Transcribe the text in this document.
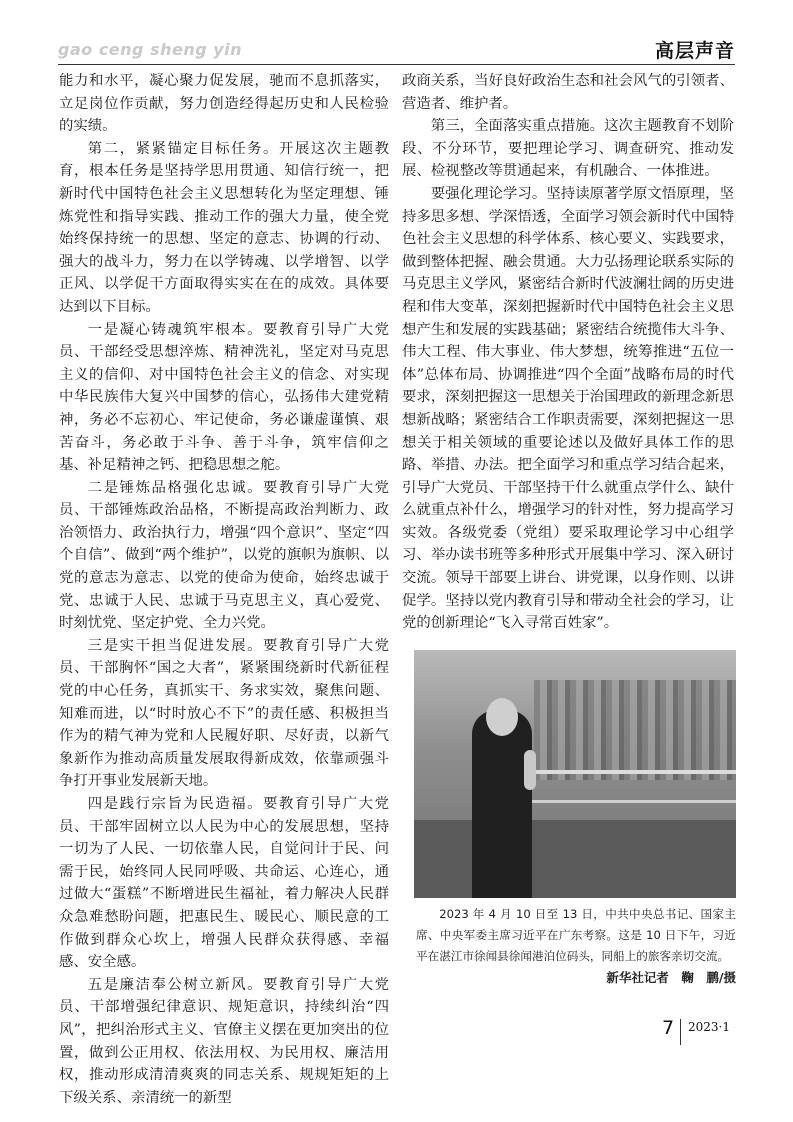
gao ceng sheng yin	高层声音

能力和水平，凝心聚力促发展，驰而不息抓落实，立足岗位作贡献，努力创造经得起历史和人民检验的实绩。

第二，紧紧锚定目标任务。开展这次主题教育，根本任务是坚持学思用贯通、知信行统一，把新时代中国特色社会主义思想转化为坚定理想、锤炼党性和指导实践、推动工作的强大力量，使全党始终保持统一的思想、坚定的意志、协调的行动、强大的战斗力，努力在以学铸魂、以学增智、以学正风、以学促干方面取得实实在在的成效。具体要达到以下目标。

一是凝心铸魂筑牢根本。要教育引导广大党员、干部经受思想淬炼、精神洗礼，坚定对马克思主义的信仰、对中国特色社会主义的信念、对实现中华民族伟大复兴中国梦的信心，弘扬伟大建党精神，务必不忘初心、牢记使命，务必谦虚谨慎、艰苦奋斗，务必敢于斗争、善于斗争，筑牢信仰之基、补足精神之钙、把稳思想之舵。

二是锤炼品格强化忠诚。要教育引导广大党员、干部锤炼政治品格，不断提高政治判断力、政治领悟力、政治执行力，增强“四个意识”、坚定“四个自信”、做到“两个维护”，以党的旗帜为旗帜、以党的意志为意志、以党的使命为使命，始终忠诚于党、忠诚于人民、忠诚于马克思主义，真心爱党、时刻忧党、坚定护党、全力兴党。

三是实干担当促进发展。要教育引导广大党员、干部胸怀“国之大者”，紧紧围绕新时代新征程党的中心任务，真抓实干、务求实效，聚焦问题、知难而进，以“时时放心不下”的责任感、积极担当作为的精气神为党和人民履好职、尽好责，以新气象新作为推动高质量发展取得新成效，依靠顽强斗争打开事业发展新天地。

四是践行宗旨为民造福。要教育引导广大党员、干部牢固树立以人民为中心的发展思想，坚持一切为了人民、一切依靠人民，自觉问计于民、问需于民，始终同人民同呼吸、共命运、心连心，通过做大“蛋糕”不断增进民生福祉，着力解决人民群众急难愁盼问题，把惠民生、暖民心、顺民意的工作做到群众心坎上，增强人民群众获得感、幸福感、安全感。

五是廉洁奉公树立新风。要教育引导广大党员、干部增强纪律意识、规矩意识，持续纠治“四风”，把纠治形式主义、官僚主义摆在更加突出的位置，做到公正用权、依法用权、为民用权、廉洁用权，推动形成清清爽爽的同志关系、规规矩矩的上下级关系、亲清统一的新型

政商关系，当好良好政治生态和社会风气的引领者、营造者、维护者。

第三，全面落实重点措施。这次主题教育不划阶段、不分环节，要把理论学习、调查研究、推动发展、检视整改等贯通起来，有机融合、一体推进。

要强化理论学习。坚持读原著学原文悟原理，坚持多思多想、学深悟透，全面学习领会新时代中国特色社会主义思想的科学体系、核心要义、实践要求，做到整体把握、融会贯通。大力弘扬理论联系实际的马克思主义学风，紧密结合新时代波澜壮阔的历史进程和伟大变革，深刻把握新时代中国特色社会主义思想产生和发展的实践基础；紧密结合统揽伟大斗争、伟大工程、伟大事业、伟大梦想，统筹推进“五位一体”总体布局、协调推进“四个全面”战略布局的时代要求，深刻把握这一思想关于治国理政的新理念新思想新战略；紧密结合工作职责需要，深刻把握这一思想关于相关领域的重要论述以及做好具体工作的思路、举措、办法。把全面学习和重点学习结合起来，引导广大党员、干部坚持干什么就重点学什么、缺什么就重点补什么，增强学习的针对性，努力提高学习实效。各级党委（党组）要采取理论学习中心组学习、举办读书班等多种形式开展集中学习、深入研讨交流。领导干部要上讲台、讲党课，以身作则、以讲促学。坚持以党内教育引导和带动全社会的学习，让党的创新理论“飞入寻常百姓家”。

2023 年 4 月 10 日至 13 日，中共中央总书记、国家主席、中央军委主席习近平在广东考察。这是 10 日下午，习近平在湛江市徐闻县徐闻港泊位码头，同船上的旅客亲切交流。
新华社记者　鞠　鹏/摄
7 2023·1
